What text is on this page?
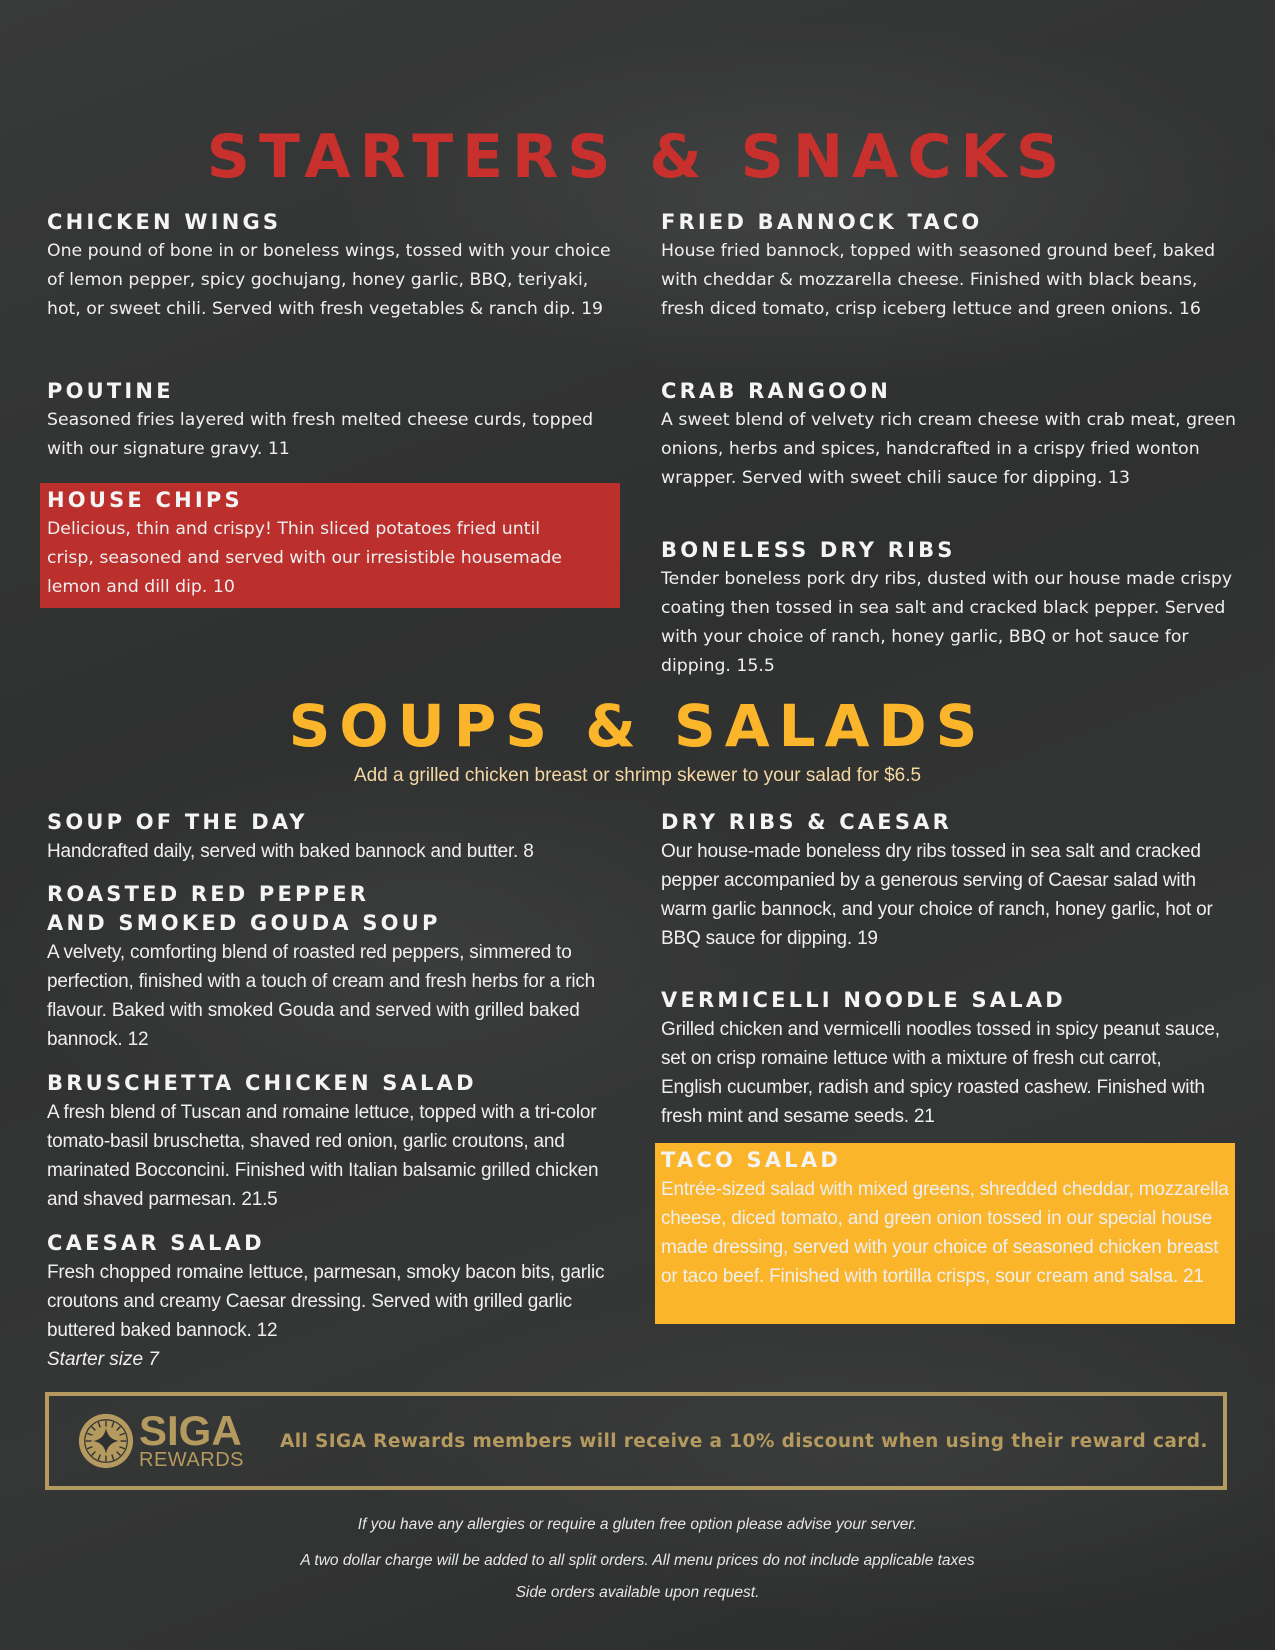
STARTERS & SNACKS
CHICKEN WINGS

One pound of bone in or boneless wings, tossed with your choice of lemon pepper, spicy gochujang, honey garlic, BBQ, teriyaki, hot, or sweet chili. Served with fresh vegetables & ranch dip. 19

POUTINE

Seasoned fries layered with fresh melted cheese curds, topped with our signature gravy. 11

HOUSE CHIPS

Delicious, thin and crispy! Thin sliced potatoes fried until crisp, seasoned and served with our irresistible housemade lemon and dill dip. 10

FRIED BANNOCK TACO

House fried bannock, topped with seasoned ground beef, baked with cheddar & mozzarella cheese. Finished with black beans, fresh diced tomato, crisp iceberg lettuce and green onions. 16

CRAB RANGOON

A sweet blend of velvety rich cream cheese with crab meat, green onions, herbs and spices, handcrafted in a crispy fried wonton wrapper. Served with sweet chili sauce for dipping. 13

BONELESS DRY RIBS

Tender boneless pork dry ribs, dusted with our house made crispy coating then tossed in sea salt and cracked black pepper. Served with your choice of ranch, honey garlic, BBQ or hot sauce for dipping. 15.5

SOUPS & SALADS
Add a grilled chicken breast or shrimp skewer to your salad for $6.5
SOUP OF THE DAY

Handcrafted daily, served with baked bannock and butter. 8

ROASTED RED PEPPER
AND SMOKED GOUDA SOUP

A velvety, comforting blend of roasted red peppers, simmered to perfection, finished with a touch of cream and fresh herbs for a rich flavour. Baked with smoked Gouda and served with grilled baked bannock. 12

BRUSCHETTA CHICKEN SALAD

A fresh blend of Tuscan and romaine lettuce, topped with a tri-color tomato-basil bruschetta, shaved red onion, garlic croutons, and marinated Bocconcini. Finished with Italian balsamic grilled chicken and shaved parmesan. 21.5

CAESAR SALAD

Fresh chopped romaine lettuce, parmesan, smoky bacon bits, garlic croutons and creamy Caesar dressing. Served with grilled garlic buttered baked bannock. 12

Starter size 7

DRY RIBS & CAESAR

Our house-made boneless dry ribs tossed in sea salt and cracked pepper accompanied by a generous serving of Caesar salad with warm garlic bannock, and your choice of ranch, honey garlic, hot or BBQ sauce for dipping. 19

VERMICELLI NOODLE SALAD

Grilled chicken and vermicelli noodles tossed in spicy peanut sauce, set on crisp romaine lettuce with a mixture of fresh cut carrot, English cucumber, radish and spicy roasted cashew. Finished with fresh mint and sesame seeds. 21

TACO SALAD

Entrée-sized salad with mixed greens, shredded cheddar, mozzarella cheese, diced tomato, and green onion tossed in our special house made dressing, served with your choice of seasoned chicken breast or taco beef. Finished with tortilla crisps, sour cream and salsa. 21

SIGA
REWARDS
All SIGA Rewards members will receive a 10% discount when using their reward card.

If you have any allergies or require a gluten free option please advise your server.

A two dollar charge will be added to all split orders. All menu prices do not include applicable taxes

Side orders available upon request.
